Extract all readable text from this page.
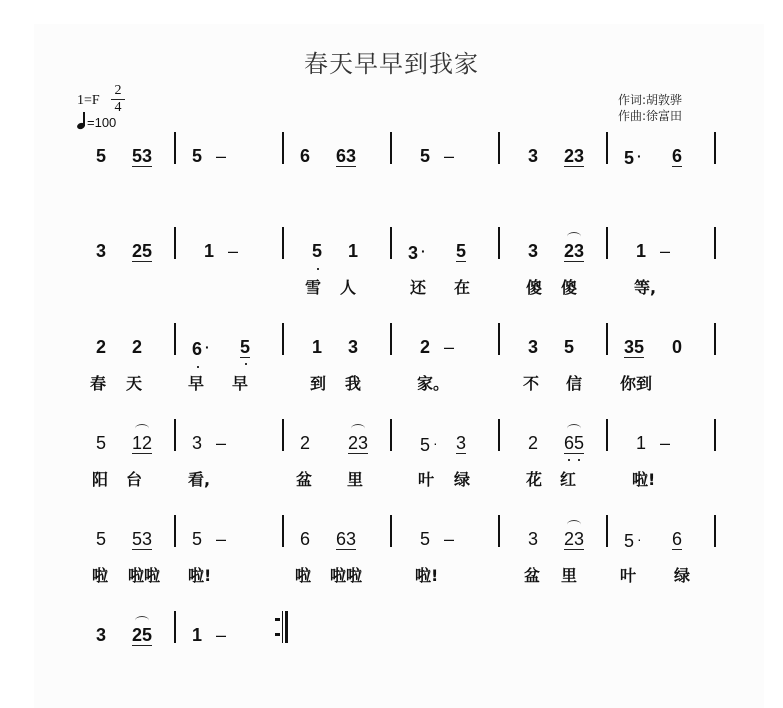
春天早早到我家
1=F
2
4
=100
作词:胡敦骅
作曲:徐富田
5 53 5 –	6 63	5 –	3 23 5 · 6
3 25	1 –	5 1	3 · 5	3 23	1 –
雪 人	还 在	傻 傻	等,
2 2	6 · 5	1 3	2 –	3 5	35 0
春 天	早 早	到 我	家。	不 信 你到
5 12 3 –	2 23	5 · 3	2 65	1 –
阳 台	看,	盆 里	叶 绿	花 红	啦!
5 53 5 –	6 63	5 –	3 23 5 · 6
啦 啦啦 啦!	啦 啦啦	啦!	盆 里	叶 绿
3 25 1 –
